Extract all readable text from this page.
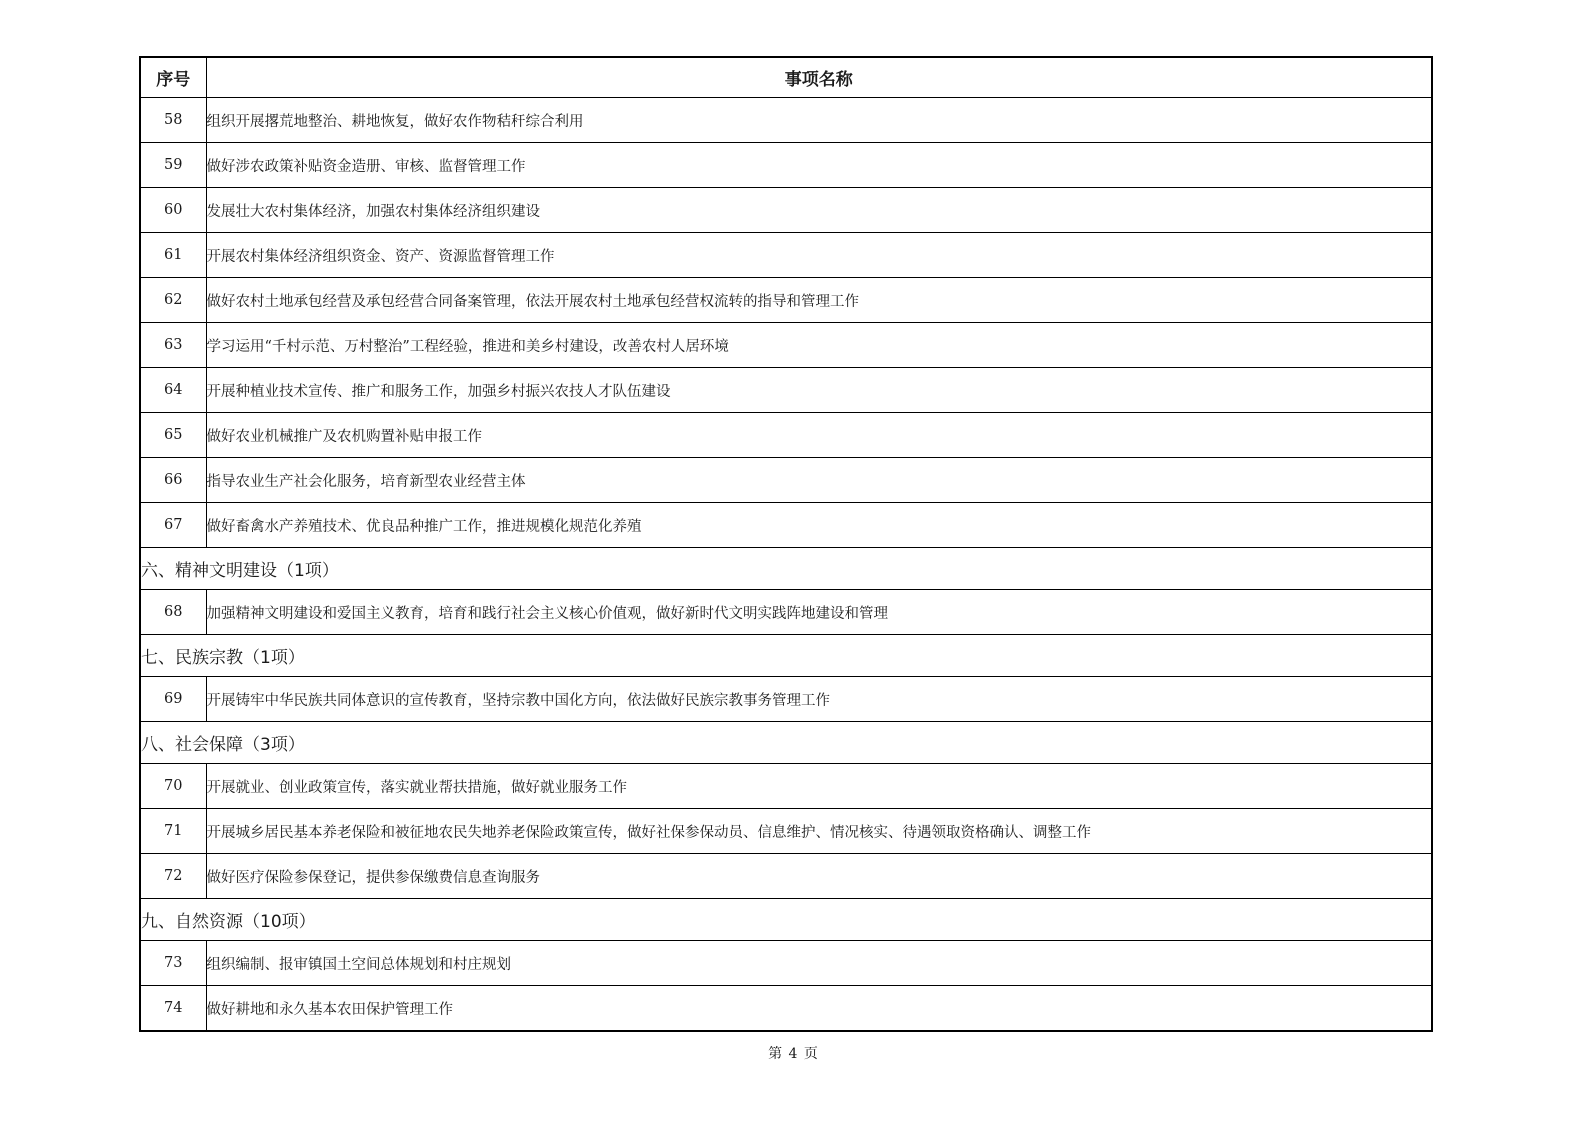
序号	事项名称
58	组织开展撂荒地整治、耕地恢复，做好农作物秸秆综合利用
59	做好涉农政策补贴资金造册、审核、监督管理工作
60	发展壮大农村集体经济，加强农村集体经济组织建设
61	开展农村集体经济组织资金、资产、资源监督管理工作
62	做好农村土地承包经营及承包经营合同备案管理，依法开展农村土地承包经营权流转的指导和管理工作
63	学习运用“千村示范、万村整治”工程经验，推进和美乡村建设，改善农村人居环境
64	开展种植业技术宣传、推广和服务工作，加强乡村振兴农技人才队伍建设
65	做好农业机械推广及农机购置补贴申报工作
66	指导农业生产社会化服务，培育新型农业经营主体
67	做好畜禽水产养殖技术、优良品种推广工作，推进规模化规范化养殖
六、精神文明建设（1项）	
68	加强精神文明建设和爱国主义教育，培育和践行社会主义核心价值观，做好新时代文明实践阵地建设和管理
七、民族宗教（1项）	
69	开展铸牢中华民族共同体意识的宣传教育，坚持宗教中国化方向，依法做好民族宗教事务管理工作
八、社会保障（3项）	
70	开展就业、创业政策宣传，落实就业帮扶措施，做好就业服务工作
71	开展城乡居民基本养老保险和被征地农民失地养老保险政策宣传，做好社保参保动员、信息维护、情况核实、待遇领取资格确认、调整工作
72	做好医疗保险参保登记，提供参保缴费信息查询服务
九、自然资源（10项）	
73	组织编制、报审镇国土空间总体规划和村庄规划
74	做好耕地和永久基本农田保护管理工作
第 4 页
